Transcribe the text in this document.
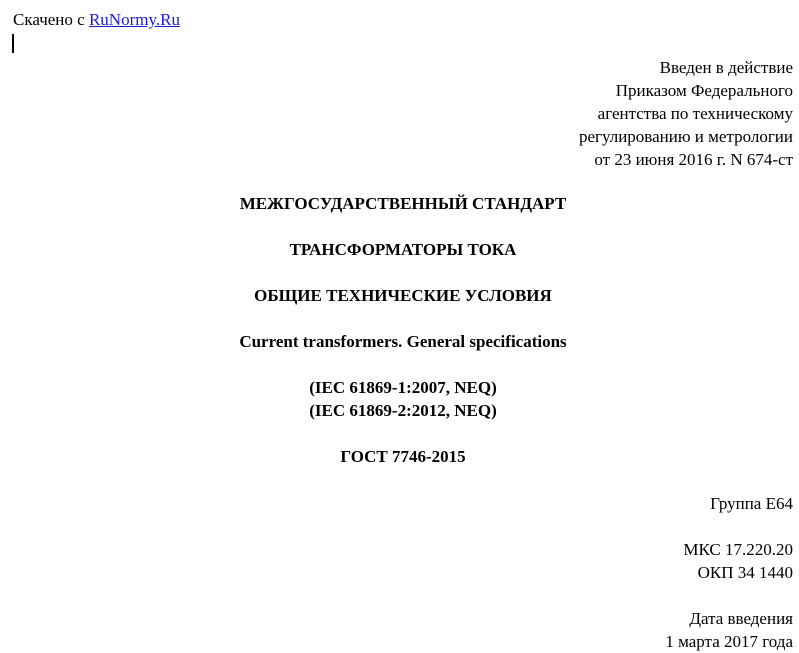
Скачено с RuNormy.Ru
Введен в действие
Приказом Федерального
агентства по техническому
регулированию и метрологии
от 23 июня 2016 г. N 674-ст
МЕЖГОСУДАРСТВЕННЫЙ СТАНДАРТ
ТРАНСФОРМАТОРЫ ТОКА
ОБЩИЕ ТЕХНИЧЕСКИЕ УСЛОВИЯ
Current transformers. General specifications
(IEC 61869-1:2007, NEQ)
(IEC 61869-2:2012, NEQ)
ГОСТ 7746-2015
Группа Е64
МКС 17.220.20
ОКП 34 1440
Дата введения
1 марта 2017 года
